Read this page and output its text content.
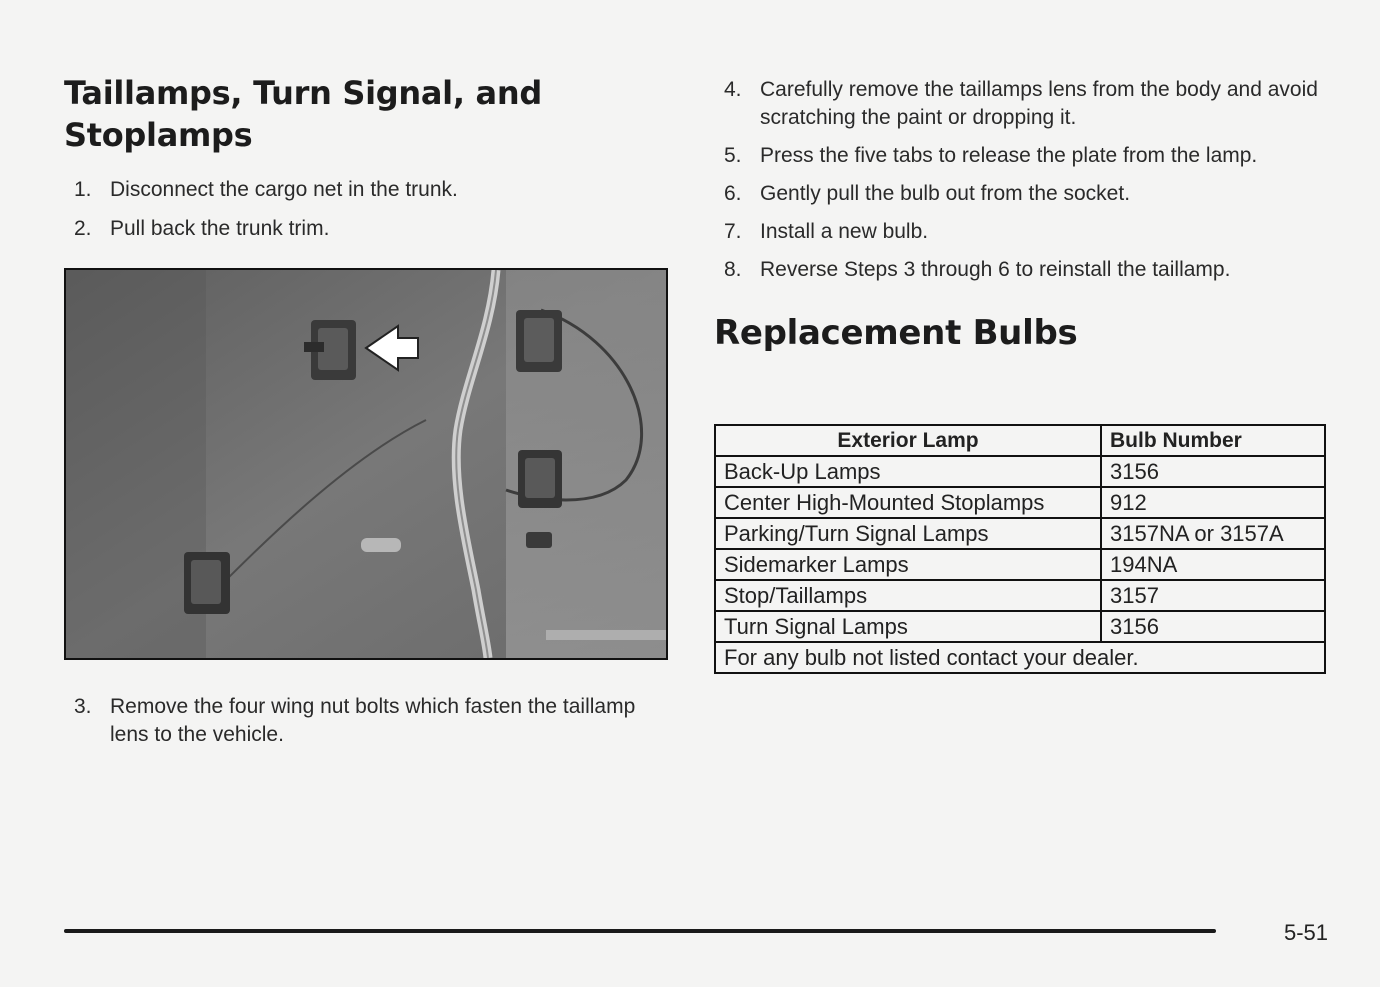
Taillamps, Turn Signal, and Stoplamps
1. Disconnect the cargo net in the trunk.
2. Pull back the trunk trim.
3. Remove the four wing nut bolts which fasten the taillamp lens to the vehicle.
4. Carefully remove the taillamps lens from the body and avoid scratching the paint or dropping it.
5. Press the five tabs to release the plate from the lamp.
6. Gently pull the bulb out from the socket.
7. Install a new bulb.
8. Reverse Steps 3 through 6 to reinstall the taillamp.
Replacement Bulbs
Exterior Lamp	Bulb Number
Back-Up Lamps	3156
Center High-Mounted Stoplamps	912
Parking/Turn Signal Lamps	3157NA or 3157A
Sidemarker Lamps	194NA
Stop/Taillamps	3157
Turn Signal Lamps	3156
For any bulb not listed contact your dealer.	
5-51
